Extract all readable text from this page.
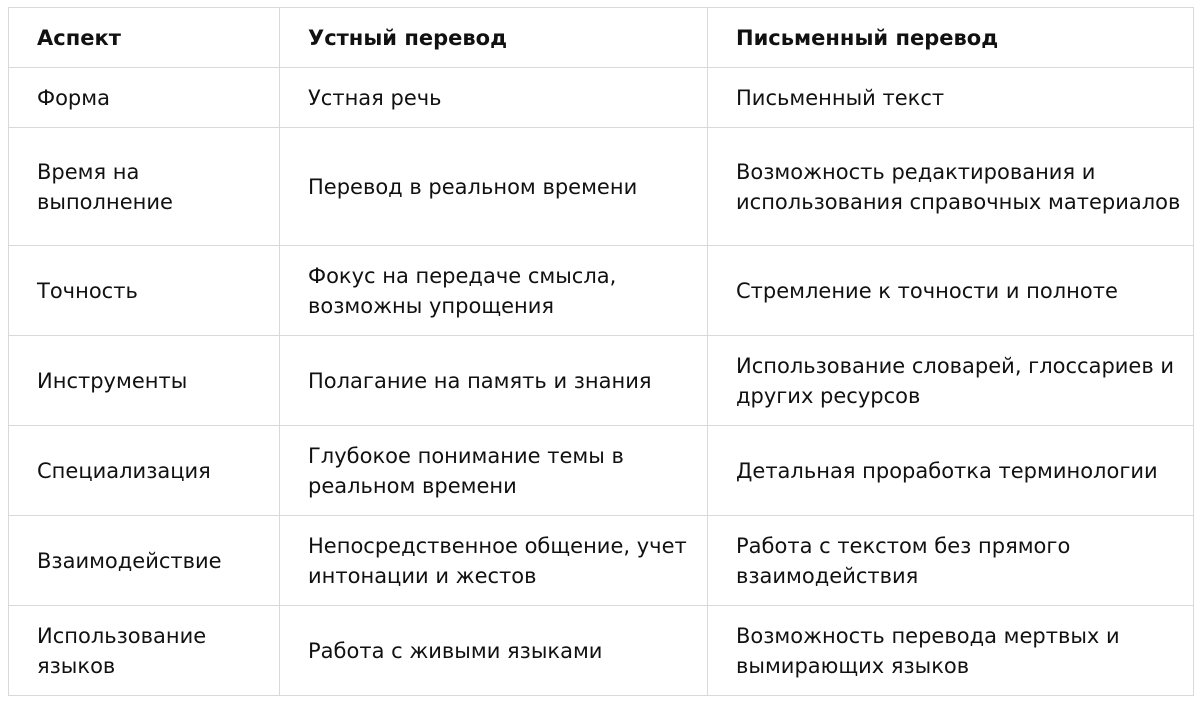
Аспект	Устный перевод	Письменный перевод
Форма	Устная речь	Письменный текст
Время на выполнение	Перевод в реальном времени	Возможность редактирования и использования справочных материалов
Точность	Фокус на передаче смысла, возможны упрощения	Стремление к точности и полноте
Инструменты	Полагание на память и знания	Использование словарей, глоссариев и других ресурсов
Специализация	Глубокое понимание темы в реальном времени	Детальная проработка терминологии
Взаимодействие	Непосредственное общение, учет интонации и жестов	Работа с текстом без прямого взаимодействия
Использование языков	Работа с живыми языками	Возможность перевода мертвых и вымирающих языков
